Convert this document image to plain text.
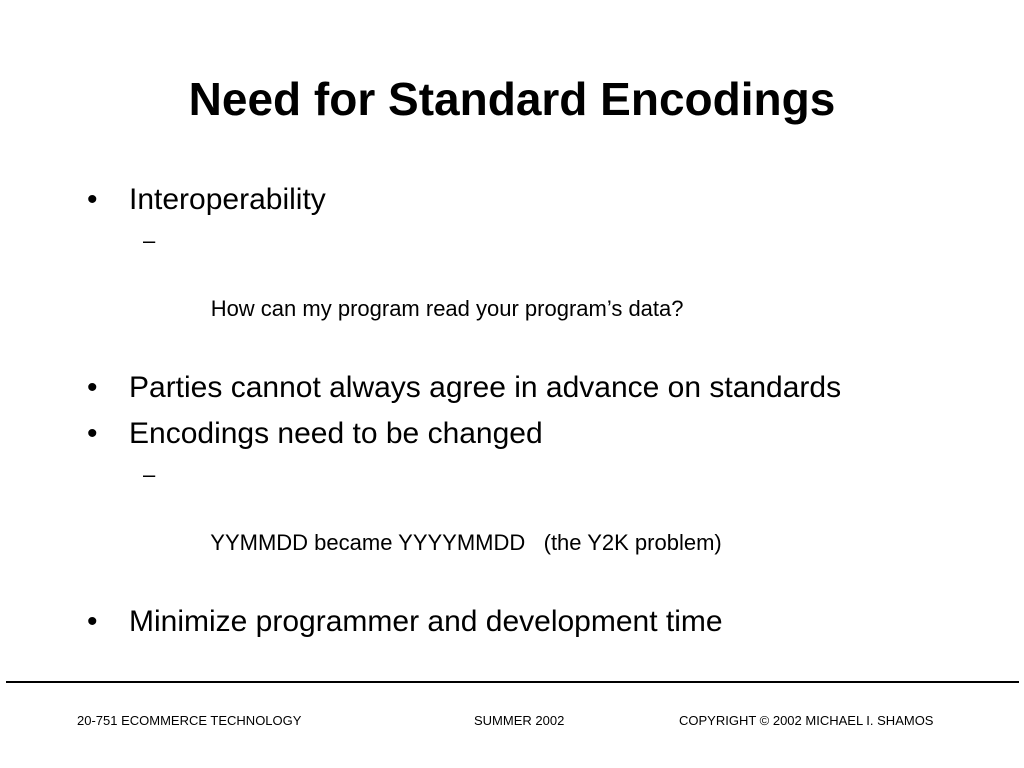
Need for Standard Encodings
• Interoperability

–

How can my program read your program’s data?

• Parties cannot always agree in advance on standards
• Encodings need to be changed

–

YYMMDD became YYYYMMDD   (the Y2K problem)

• Minimize programmer and development time
20-751 ECOMMERCE TECHNOLOGY	SUMMER 2002	COPYRIGHT © 2002 MICHAEL I. SHAMOS
